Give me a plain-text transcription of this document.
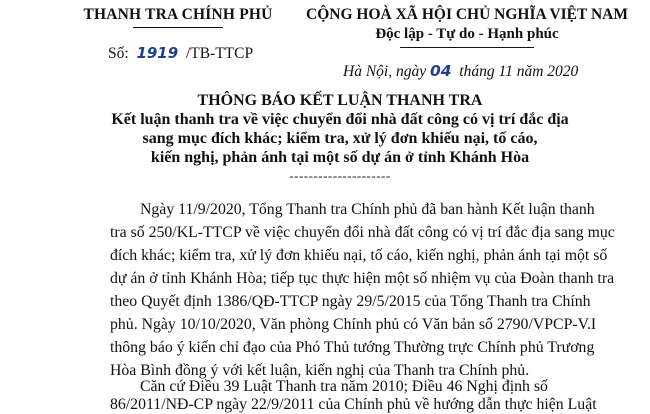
THANH TRA CHÍNH PHỦ	CỘNG HOÀ XÃ HỘI CHỦ NGHĨA VIỆT NAM
Độc lập - Tự do - Hạnh phúc
Số: 1919 /TB-TTCP
Hà Nội, ngày 04 tháng 11 năm 2020
THÔNG BÁO KẾT LUẬN THANH TRA
Kết luận thanh tra về việc chuyển đổi nhà đất công có vị trí đắc địa
sang mục đích khác; kiểm tra, xử lý đơn khiếu nại, tố cáo,
kiến nghị, phản ánh tại một số dự án ở tỉnh Khánh Hòa
---------------------
Ngày 11/9/2020, Tổng Thanh tra Chính phủ đã ban hành Kết luận thanh
tra số 250/KL-TTCP về việc chuyển đổi nhà đất công có vị trí đắc địa sang mục
đích khác; kiểm tra, xử lý đơn khiếu nại, tố cáo, kiến nghị, phản ánh tại một số
dự án ở tỉnh Khánh Hòa; tiếp tục thực hiện một số nhiệm vụ của Đoàn thanh tra
theo Quyết định 1386/QĐ-TTCP ngày 29/5/2015 của Tổng Thanh tra Chính
phủ. Ngày 10/10/2020, Văn phòng Chính phủ có Văn bản số 2790/VPCP-V.I
thông báo ý kiến chỉ đạo của Phó Thủ tướng Thường trực Chính phủ Trương
Hòa Bình đồng ý với kết luận, kiến nghị của Thanh tra Chính phủ.
Căn cứ Điều 39 Luật Thanh tra năm 2010; Điều 46 Nghị định số
86/2011/NĐ-CP ngày 22/9/2011 của Chính phủ về hướng dẫn thực hiện Luật
